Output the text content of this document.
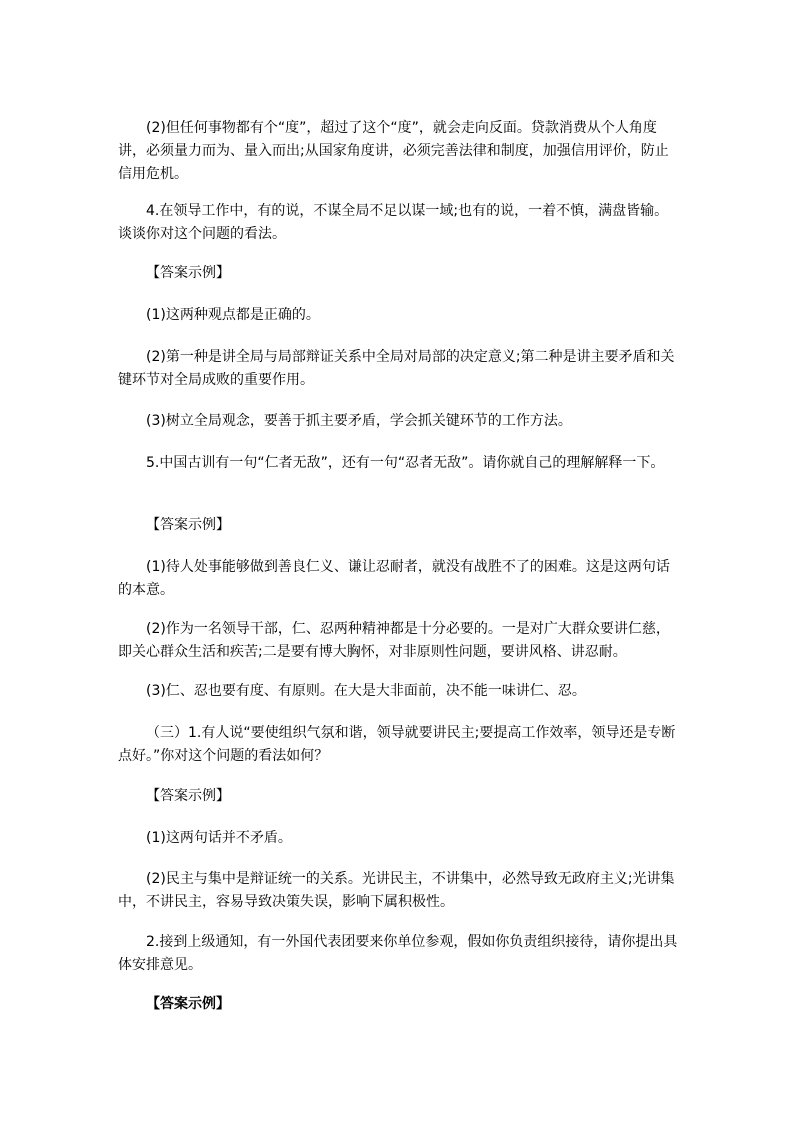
(2)但任何事物都有个“度”，超过了这个“度”，就会走向反面。贷款消费从个人角度讲，必须量力而为、量入而出;从国家角度讲，必须完善法律和制度，加强信用评价，防止信用危机。

4.在领导工作中，有的说，不谋全局不足以谋一域;也有的说，一着不慎，满盘皆输。谈谈你对这个问题的看法。

【答案示例】

(1)这两种观点都是正确的。

(2)第一种是讲全局与局部辩证关系中全局对局部的决定意义;第二种是讲主要矛盾和关键环节对全局成败的重要作用。

(3)树立全局观念，要善于抓主要矛盾，学会抓关键环节的工作方法。

5.中国古训有一句“仁者无敌”，还有一句“忍者无敌”。请你就自己的理解解释一下。

【答案示例】

(1)待人处事能够做到善良仁义、谦让忍耐者，就没有战胜不了的困难。这是这两句话的本意。

(2)作为一名领导干部，仁、忍两种精神都是十分必要的。一是对广大群众要讲仁慈，即关心群众生活和疾苦;二是要有博大胸怀，对非原则性问题，要讲风格、讲忍耐。

(3)仁、忍也要有度、有原则。在大是大非面前，决不能一味讲仁、忍。

（三）1.有人说“要使组织气氛和谐，领导就要讲民主;要提高工作效率，领导还是专断点好。”你对这个问题的看法如何？

【答案示例】

(1)这两句话并不矛盾。

(2)民主与集中是辩证统一的关系。光讲民主，不讲集中，必然导致无政府主义;光讲集中，不讲民主，容易导致决策失误，影响下属积极性。

2.接到上级通知，有一外国代表团要来你单位参观，假如你负责组织接待，请你提出具体安排意见。

【答案示例】
